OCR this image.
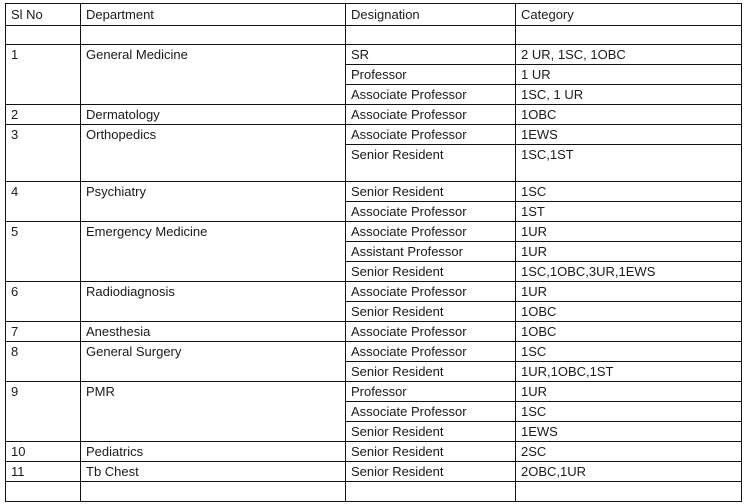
Sl No	Department	Designation	Category
1	General Medicine	SR	2 UR, 1SC, 1OBC
Professor	1 UR
Associate Professor	1SC, 1 UR
2	Dermatology	Associate Professor	1OBC
3	Orthopedics	Associate Professor	1EWS
Senior Resident	1SC,1ST
4	Psychiatry	Senior Resident	1SC
Associate Professor	1ST
5	Emergency Medicine	Associate Professor	1UR
Assistant Professor	1UR
Senior Resident	1SC,1OBC,3UR,1EWS
6	Radiodiagnosis	Associate Professor	1UR
Senior Resident	1OBC
7	Anesthesia	Associate Professor	1OBC
8	General Surgery	Associate Professor	1SC
Senior Resident	1UR,1OBC,1ST
9	PMR	Professor	1UR
Associate Professor	1SC
Senior Resident	1EWS
10	Pediatrics	Senior Resident	2SC
11	Tb Chest	Senior Resident	2OBC,1UR
